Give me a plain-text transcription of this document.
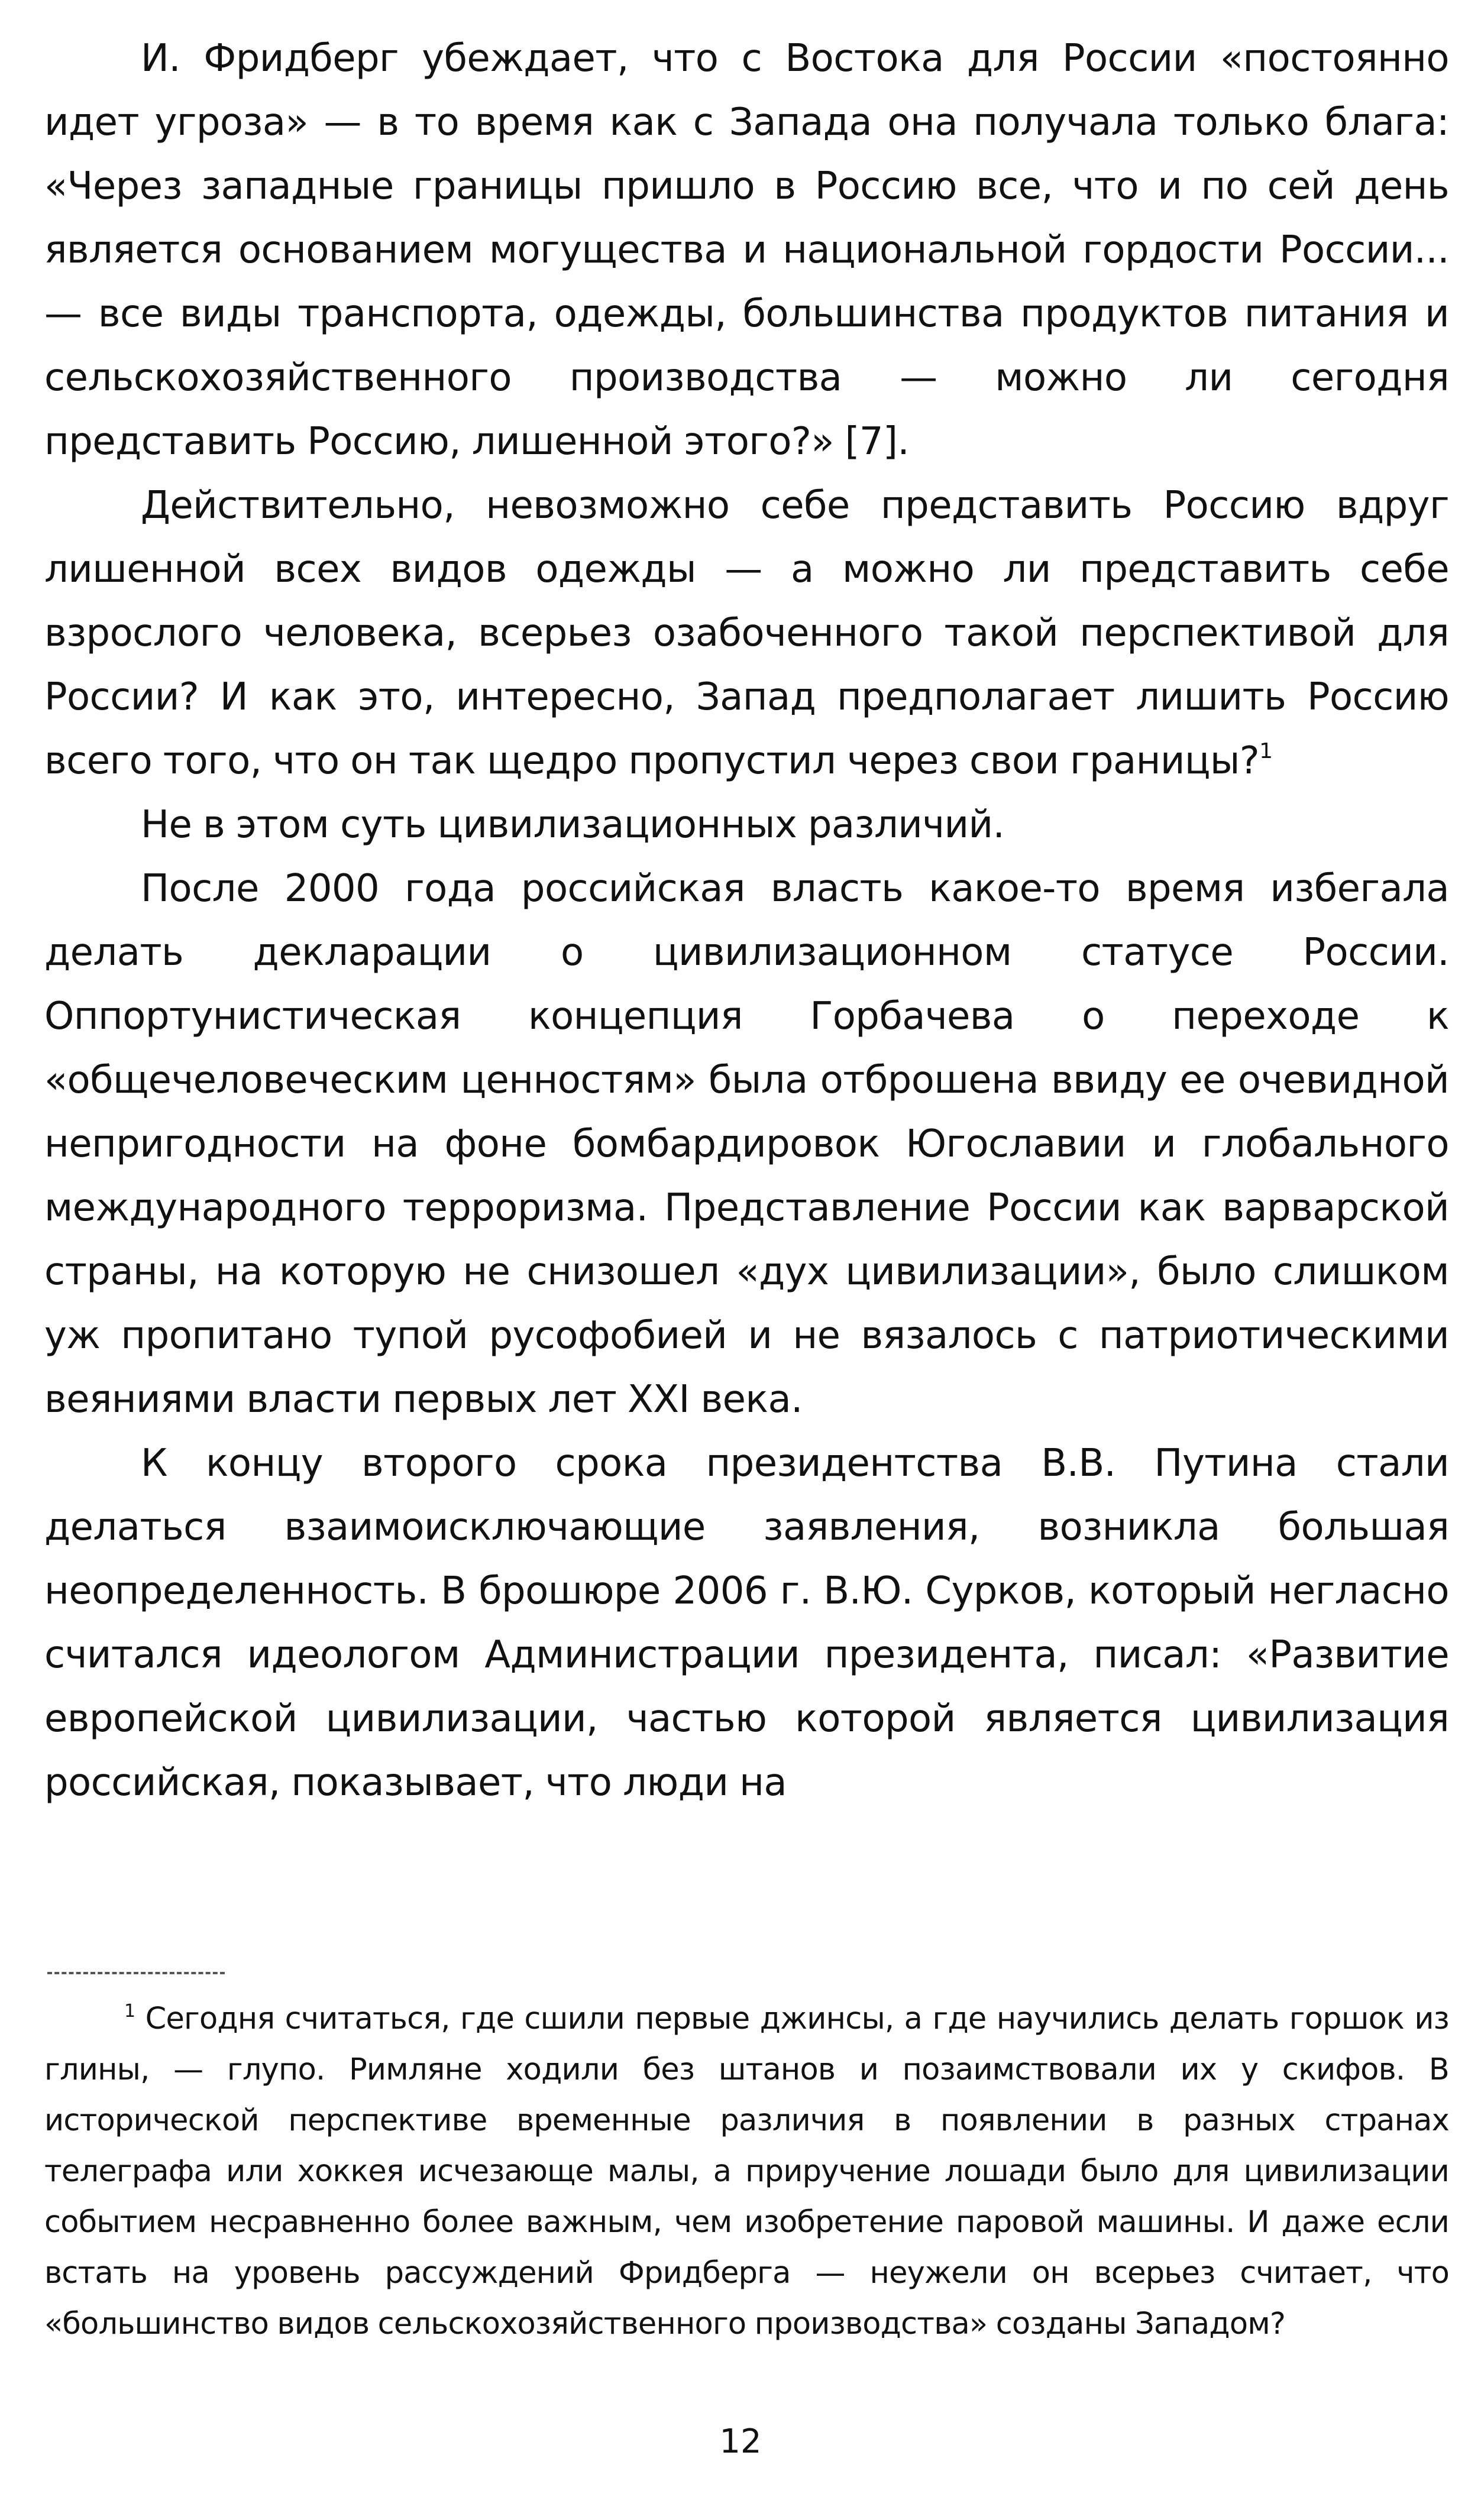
И. Фридберг убеждает, что с Востока для России «постоянно идет угроза» — в то время как с Запада она получала только блага: «Через западные границы пришло в Россию все, что и по сей день является основанием могущества и национальной гордости России... — все виды транспорта, одежды, большинства продуктов питания и сельскохозяйственного производства — можно ли сегодня представить Россию, лишенной этого?» [7].

Действительно, невозможно себе представить Россию вдруг лишенной всех видов одежды — а можно ли представить себе взрослого человека, всерьез озабоченного такой перспективой для России? И как это, интересно, Запад предполагает лишить Россию всего того, что он так щедро пропустил через свои границы?$^1$

Не в этом суть цивилизационных различий.

После 2000 года российская власть какое-то время избегала делать декларации о цивилизационном статусе России. Оппортунистическая концепция Горбачева о переходе к «общечеловеческим ценностям» была отброшена ввиду ее очевидной непригодности на фоне бомбардировок Югославии и глобального международного терроризма. Представление России как варварской страны, на которую не снизошел «дух цивилизации», было слишком уж пропитано тупой русофобией и не вязалось с патриотическими веяниями власти первых лет XXI века.

К концу второго срока президентства В.В. Путина стали делаться взаимоисключающие заявления, возникла большая неопределенность. В брошюре 2006 г. В.Ю. Сурков, который негласно считался идеологом Администрации президента, писал: «Развитие европейской цивилизации, частью которой является цивилизация российская, показывает, что люди на

$^1$ Сегодня считаться, где сшили первые джинсы, а где научились делать горшок из глины, — глупо. Римляне ходили без штанов и позаимствовали их у скифов. В исторической перспективе временные различия в появлении в разных странах телеграфа или хоккея исчезающе малы, а приручение лошади было для цивилизации событием несравненно более важным, чем изобретение паровой машины. И даже если встать на уровень рассуждений Фридберга — неужели он всерьез считает, что «большинство видов сельскохозяйственного производства» созданы Западом?

12
